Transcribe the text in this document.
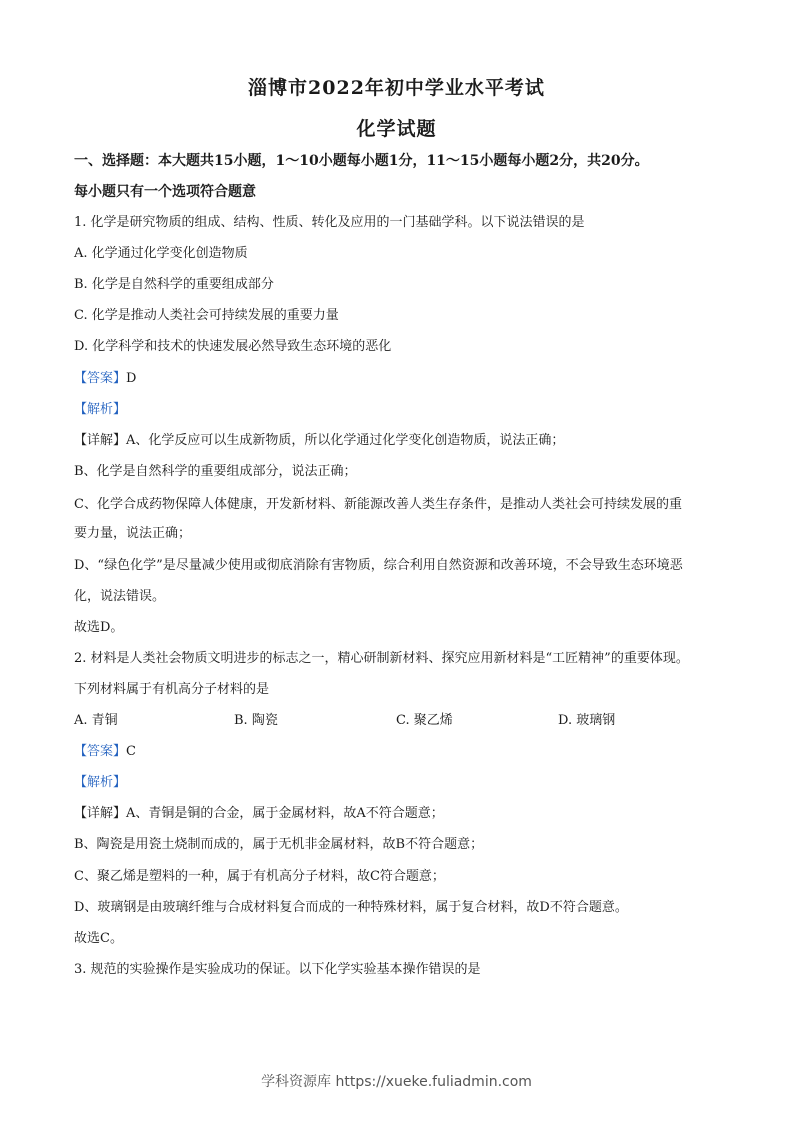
淄博市2022年初中学业水平考试
化学试题
一、选择题：本大题共15小题，1～10小题每小题1分，11～15小题每小题2分，共20分。
每小题只有一个选项符合题意
1. 化学是研究物质的组成、结构、性质、转化及应用的一门基础学科。以下说法错误的是
A. 化学通过化学变化创造物质
B. 化学是自然科学的重要组成部分
C. 化学是推动人类社会可持续发展的重要力量
D. 化学科学和技术的快速发展必然导致生态环境的恶化
【答案】D
【解析】
【详解】A、化学反应可以生成新物质，所以化学通过化学变化创造物质，说法正确；
B、化学是自然科学的重要组成部分，说法正确；
C、化学合成药物保障人体健康，开发新材料、新能源改善人类生存条件，是推动人类社会可持续发展的重
要力量，说法正确；
D、“绿色化学”是尽量减少使用或彻底消除有害物质，综合利用自然资源和改善环境，不会导致生态环境恶
化，说法错误。
故选D。
2. 材料是人类社会物质文明进步的标志之一，精心研制新材料、探究应用新材料是“工匠精神”的重要体现。
下列材料属于有机高分子材料的是
A. 青铜	B. 陶瓷	C. 聚乙烯	D. 玻璃钢
【答案】C
【解析】
【详解】A、青铜是铜的合金，属于金属材料，故A不符合题意；
B、陶瓷是用瓷土烧制而成的，属于无机非金属材料，故B不符合题意；
C、聚乙烯是塑料的一种，属于有机高分子材料，故C符合题意；
D、玻璃钢是由玻璃纤维与合成材料复合而成的一种特殊材料，属于复合材料，故D不符合题意。
故选C。
3. 规范的实验操作是实验成功的保证。以下化学实验基本操作错误的是
学科资源库 https://xueke.fuliadmin.com
